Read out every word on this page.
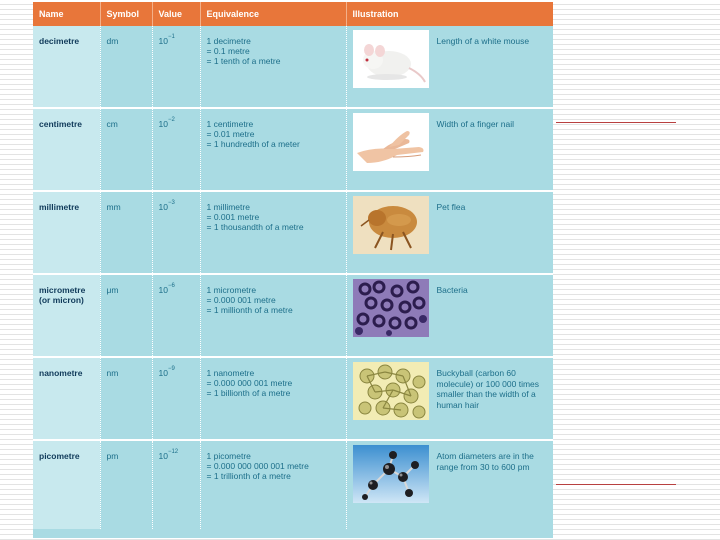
Name	Symbol	Value	Equivalence	Illustration
decimetre	dm	$10^{-1}$	1 decimetre
= 0.1 metre
= 1 tenth of a metre	Length of a white mouse

centimetre	cm	$10^{-2}$	1 centimetre
= 0.01 metre
= 1 hundredth of a meter	Width of a finger nail

millimetre	mm	$10^{-3}$	1 millimetre
= 0.001 metre
= 1 thousandth of a metre	Pet flea

micrometre (or micron)	μm	$10^{-6}$	1 micrometre
= 0.000 001 metre
= 1 millionth of a metre	Bacteria

nanometre	nm	$10^{-9}$	1 nanometre
= 0.000 000 001 metre
= 1 billionth of a metre	Buckyball (carbon 60 molecule) or 100 000 times smaller than the width of a human hair

picometre	pm	$10^{-12}$	1 picometre
= 0.000 000 000 001 metre
= 1 trillionth of a metre	Atom diameters are in the range from 30 to 600 pm
